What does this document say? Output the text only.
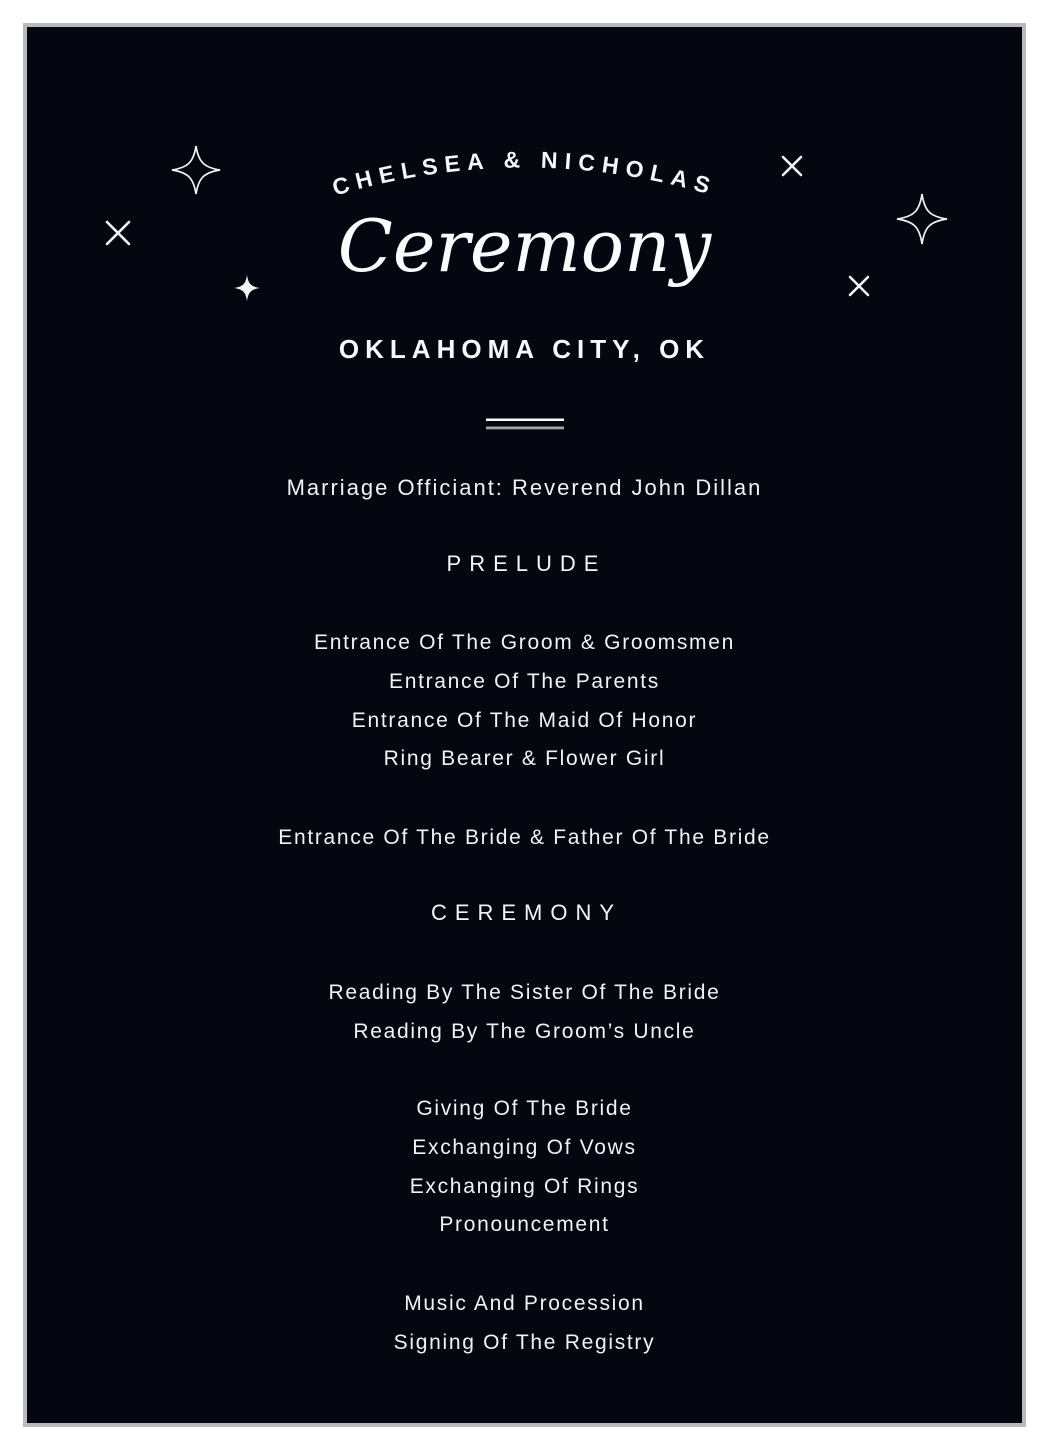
CHELSEA & NICHOLAS
Ceremony
OKLAHOMA CITY, OK
Marriage Officiant: Reverend John Dillan
PRELUDE
Entrance Of The Groom & Groomsmen
Entrance Of The Parents
Entrance Of The Maid Of Honor
Ring Bearer & Flower Girl
Entrance Of The Bride & Father Of The Bride
CEREMONY
Reading By The Sister Of The Bride
Reading By The Groom’s Uncle
Giving Of The Bride
Exchanging Of Vows
Exchanging Of Rings
Pronouncement
Music And Procession
Signing Of The Registry
